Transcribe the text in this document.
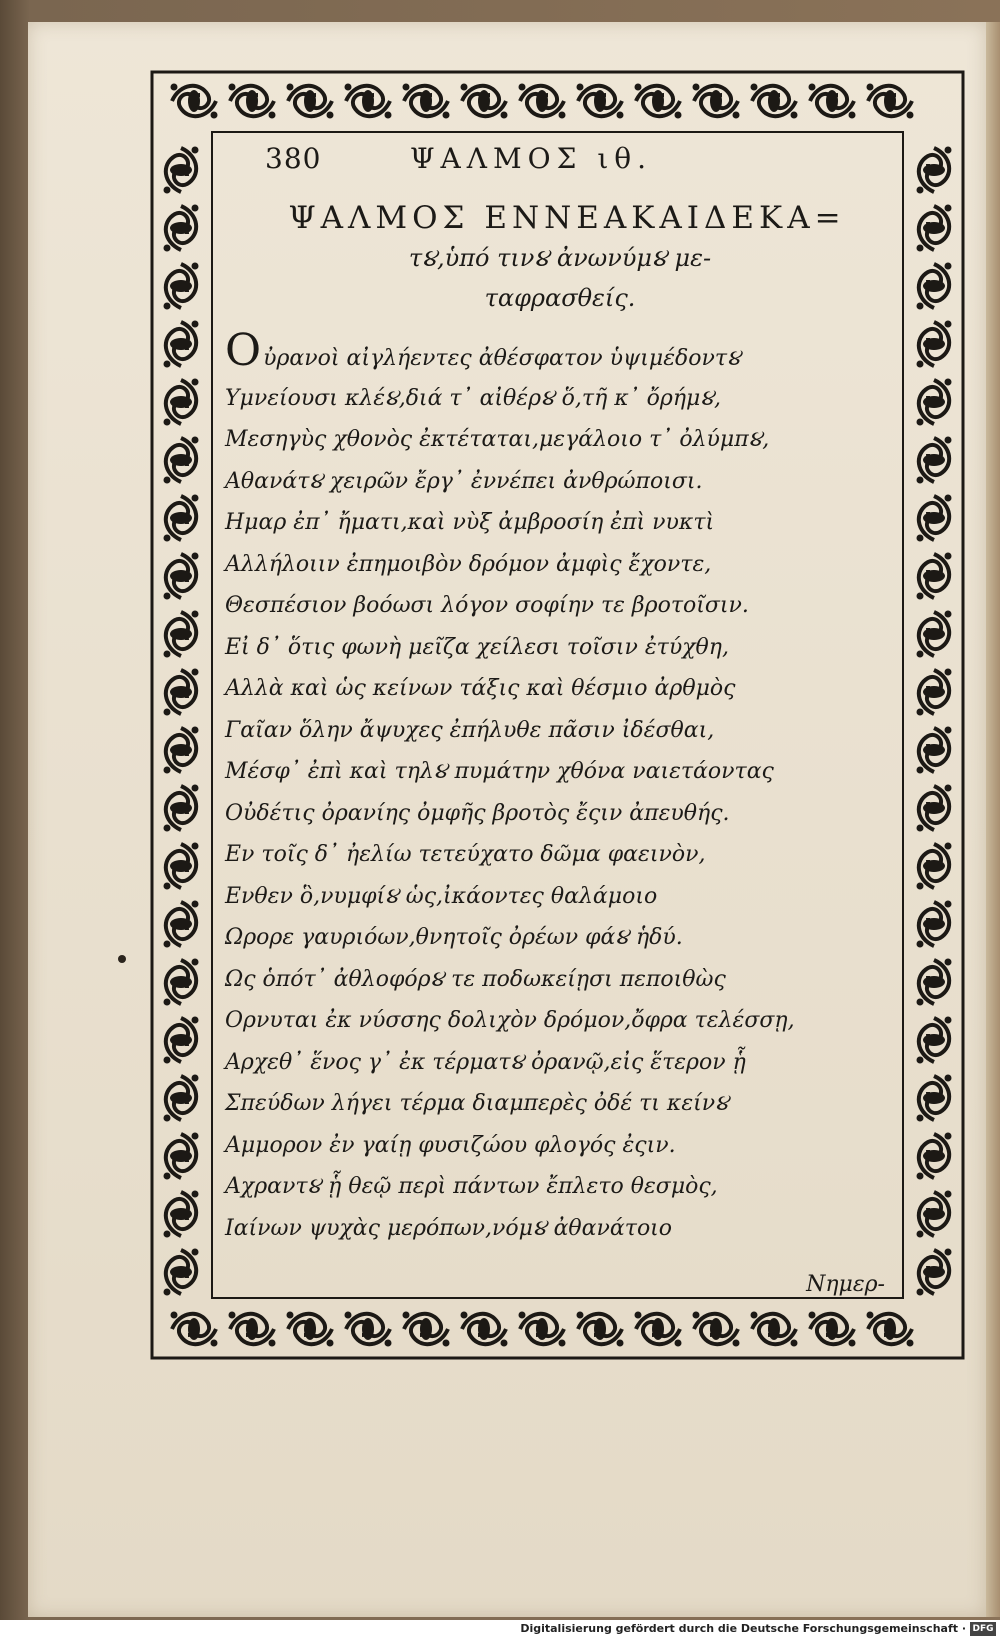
380	ΨΑΛΜΟΣ ιθ.
ΨΑΛΜΟΣ ΕΝΝΕΑΚΑΙΔΕΚΑ=
τ૪,ὑπό τιν૪ ἀνωνύμ૪ με-
ταφρασθείς.
Οὐρανοὶ αἰγλήεντες ἀθέσφατον ὑψιμέδοντ૪
Υμνείουσι κλέ૪,διά τ᾽ αἰθέρ૪ ὅ,τῆ κ᾽ ὄρήμ૪,
Μεσηγὺς χθονὸς ἐκτέταται,μεγάλοιο τ᾽ ὀλύμπ૪,
Αθανάτ૪ χειρῶν ἔργ᾽ ἐννέπει ἀνθρώποισι.
Ημαρ ἐπ᾽ ἤματι,καὶ νὺξ ἀμβροσίη ἐπὶ νυκτὶ
Αλλήλοιιν ἐπημοιβὸν δρόμον ἀμφὶς ἔχοντε,
Θεσπέσιον βοόωσι λόγον σοφίην τε βροτοῖσιν.
Εἰ δ᾽ ὅτις φωνὴ μεῖζα χείλεσι τοῖσιν ἐτύχθη,
Αλλὰ καὶ ὡς κείνων τάξις καὶ θέσμιο ἀρθμὸς
Γαῖαν ὅλην ἄψυχες ἐπήλυθε πᾶσιν ἰδέσθαι,
Μέσφ᾽ ἐπὶ καὶ τηλ૪ πυμάτην χθόνα ναιετάοντας
Οὐδέτις ὀρανίης ὀμφῆς βροτὸς ἔςιν ἀπευθής.
Εν τοῖς δ᾽ ἠελίω τετεύχατο δῶμα φαεινὸν,
Ενθεν ὃ,νυμφί૪ ὡς,ἰκάοντες θαλάμοιο
Ωρορε γαυριόων,θνητοῖς ὀρέων φά૪ ἡδύ.
Ως ὁπότ᾽ ἀθλοφόρ૪ τε ποδωκείῃσι πεποιθὼς
Ορνυται ἐκ νύσσης δολιχὸν δρόμον,ὄφρα τελέσσῃ,
Αρχεθ᾽ ἕνος γ᾽ ἐκ τέρματ૪ ὀρανῷ,εἰς ἕτερον ᾗ
Σπεύδων λήγει τέρμα διαμπερὲς ὀδέ τι κείν૪
Αμμορον ἐν γαίῃ φυσιζώου φλογός ἐςιν.
Αχραντ૪ ᾗ θεῷ περὶ πάντων ἔπλετο θεσμὸς,
Ιαίνων ψυχὰς μερόπων,νόμ૪ ἀθανάτοιο
Νημερ-
Digitalisierung gefördert durch die Deutsche Forschungsgemeinschaft · DFG
